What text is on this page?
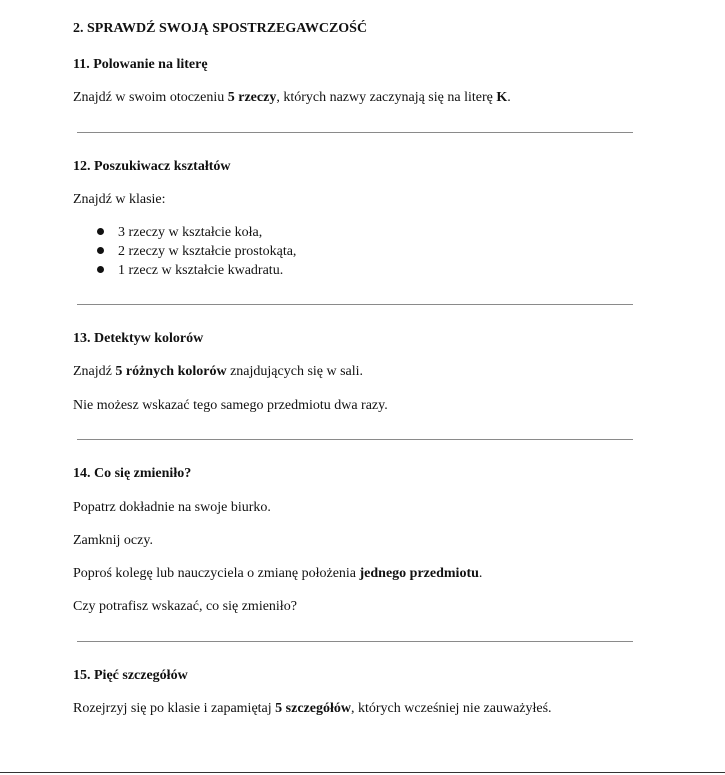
2. SPRAWDŹ SWOJĄ SPOSTRZEGAWCZOŚĆ
11. Polowanie na literę

Znajdź w swoim otoczeniu 5 rzeczy, których nazwy zaczynają się na literę K.

12. Poszukiwacz kształtów

Znajdź w klasie:

3 rzeczy w kształcie koła,
2 rzeczy w kształcie prostokąta,
1 rzecz w kształcie kwadratu.
13. Detektyw kolorów

Znajdź 5 różnych kolorów znajdujących się w sali.

Nie możesz wskazać tego samego przedmiotu dwa razy.

14. Co się zmieniło?

Popatrz dokładnie na swoje biurko.

Zamknij oczy.

Poproś kolegę lub nauczyciela o zmianę położenia jednego przedmiotu.

Czy potrafisz wskazać, co się zmieniło?

15. Pięć szczegółów

Rozejrzyj się po klasie i zapamiętaj 5 szczegółów, których wcześniej nie zauważyłeś.
